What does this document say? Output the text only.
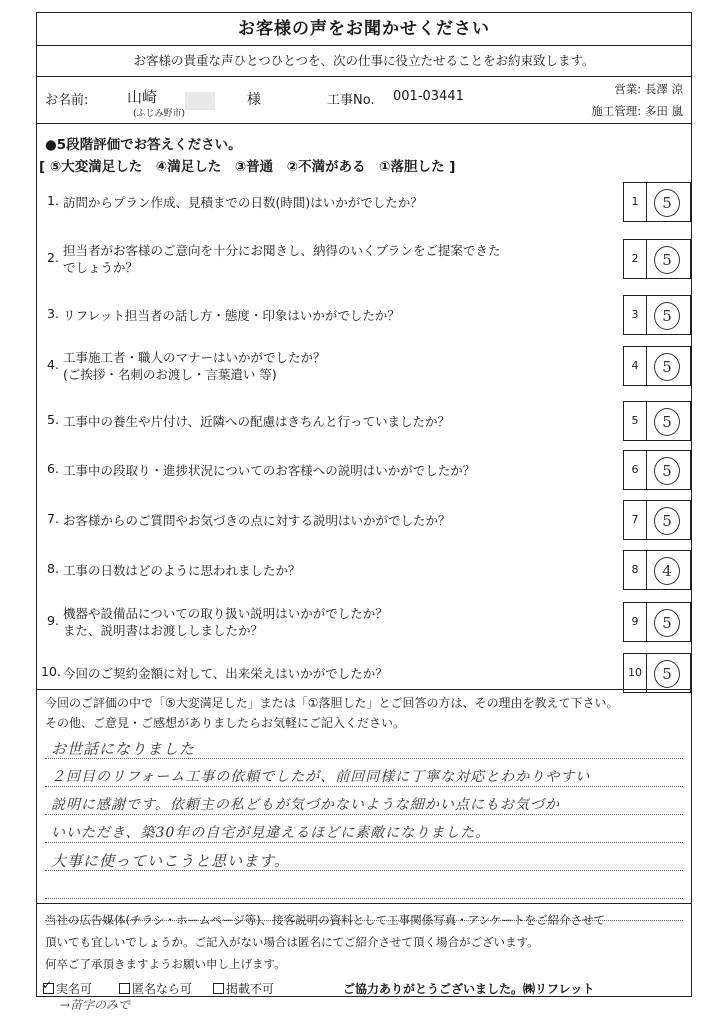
お客様の声をお聞かせください
お客様の貴重な声ひとつひとつを、次の仕事に役立たせることをお約束致します。
お名前:	山崎
(ふじみ野市)
様	工事No. 001-03441	営業: 長澤 涼
施工管理: 多田 嵐
●5段階評価でお答えください。
[ ⑤大変満足した　④満足した　③普通　②不満がある　①落胆した ]
1. 訪問からプラン作成、見積までの日数(時間)はいかがでしたか？	1	5
2. 担当者がお客様のご意向を十分にお聞きし、納得のいくプランをご提案できた
でしょうか？
2	5
3. リフレット担当者の話し方・態度・印象はいかがでしたか？	3	5
4. 工事施工者・職人のマナーはいかがでしたか？
(ご挨拶・名刺のお渡し・言葉遣い 等)
4	5
5. 工事中の養生や片付け、近隣への配慮はきちんと行っていましたか？	5	5
6. 工事中の段取り・進捗状況についてのお客様への説明はいかがでしたか？	6	5
7. お客様からのご質問やお気づきの点に対する説明はいかがでしたか？	7	5
8. 工事の日数はどのように思われましたか？	8	4
9. 機器や設備品についての取り扱い説明はいかがでしたか？
また、説明書はお渡ししましたか？
9	5
10. 今回のご契約金額に対して、出来栄えはいかがでしたか？	10	5
今回のご評価の中で「⑤大変満足した」または「①落胆した」とご回答の方は、その理由を教えて下さい。
その他、ご意見・ご感想がありましたらお気軽にご記入ください。
お世話になりました
２回目のリフォーム工事の依頼でしたが、前回同様に丁寧な対応とわかりやすい
説明に感謝です。依頼主の私どもが気づかないような細かい点にもお気づか
いいただき、築30年の自宅が見違えるほどに素敵になりました。
大事に使っていこうと思います。
当社の広告媒体(チラシ・ホームページ等)、接客説明の資料として工事関係写真・アンケートをご紹介させて
頂いても宜しいでしょうか。ご記入がない場合は匿名にてご紹介させて頂く場合がございます。
何卒ご了承頂きますようお願い申し上げます。
✓ 実名可	匿名なら可	掲載不可	ご協力ありがとうございました。㈱リフレット
→苗字のみで
